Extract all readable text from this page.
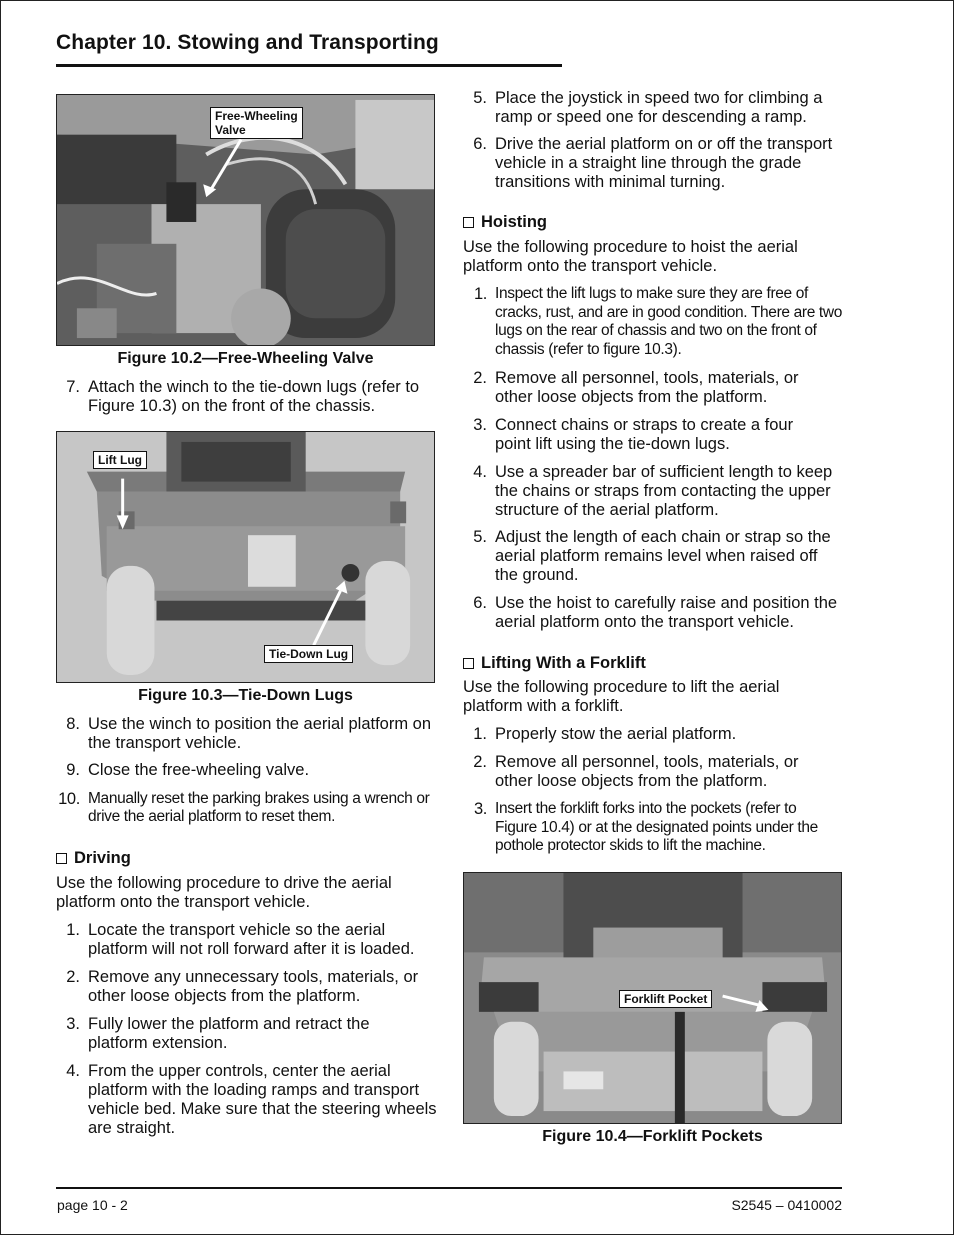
Chapter 10. Stowing and Transporting
Free-Wheeling
Valve
Figure 10.2—Free-Wheeling Valve
7. Attach the winch to the tie-down lugs (refer to Figure 10.3) on the front of the chassis.
Lift Lug
Tie-Down Lug
Figure 10.3—Tie-Down Lugs
8. Use the winch to position the aerial platform on the transport vehicle.
9. Close the free-wheeling valve.
10. Manually reset the parking brakes using a wrench or drive the aerial platform to reset them.
Driving
Use the following procedure to drive the aerial platform onto the transport vehicle.
1. Locate the transport vehicle so the aerial platform will not roll forward after it is loaded.
2. Remove any unnecessary tools, materials, or other loose objects from the platform.
3. Fully lower the platform and retract the platform extension.
4. From the upper controls, center the aerial platform with the loading ramps and transport vehicle bed. Make sure that the steering wheels are straight.
5. Place the joystick in speed two for climbing a ramp or speed one for descending a ramp.
6. Drive the aerial platform on or off the transport vehicle in a straight line through the grade transitions with minimal turning.
Hoisting
Use the following procedure to hoist the aerial platform onto the transport vehicle.
1. Inspect the lift lugs to make sure they are free of cracks, rust, and are in good condition. There are two lugs on the rear of chassis and two on the front of chassis (refer to figure 10.3).
2. Remove all personnel, tools, materials, or other loose objects from the platform.
3. Connect chains or straps to create a four point lift using the tie-down lugs.
4. Use a spreader bar of sufficient length to keep the chains or straps from contacting the upper structure of the aerial platform.
5. Adjust the length of each chain or strap so the aerial platform remains level when raised off the ground.
6. Use the hoist to carefully raise and position the aerial platform onto the transport vehicle.
Lifting With a Forklift
Use the following procedure to lift the aerial platform with a forklift.
1. Properly stow the aerial platform.
2. Remove all personnel, tools, materials, or other loose objects from the platform.
3. Insert the forklift forks into the pockets (refer to Figure 10.4) or at the designated points under the pothole protector skids to lift the machine.
Forklift Pocket
Figure 10.4—Forklift Pockets
page 10 - 2	S2545 – 0410002
